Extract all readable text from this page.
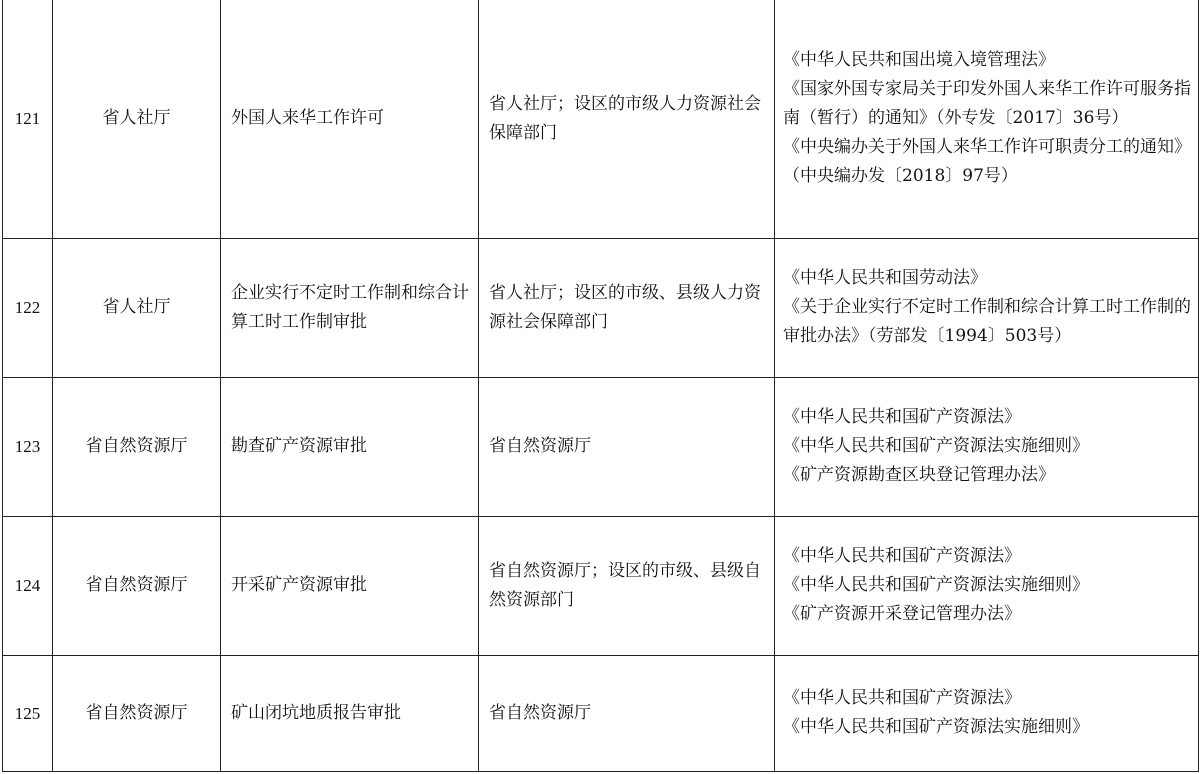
121	省人社厅	外国人来华工作许可	省人社厅；设区的市级人力资源社会保障部门	《中华人民共和国出境入境管理法》
《国家外国专家局关于印发外国人来华工作许可服务指南（暂行）的通知》（外专发〔2017〕36号）
《中央编办关于外国人来华工作许可职责分工的通知》（中央编办发〔2018〕97号）

122	省人社厅	企业实行不定时工作制和综合计算工时工作制审批	省人社厅；设区的市级、县级人力资源社会保障部门	《中华人民共和国劳动法》
《关于企业实行不定时工作制和综合计算工时工作制的审批办法》（劳部发〔1994〕503号）

123	省自然资源厅	勘查矿产资源审批	省自然资源厅	《中华人民共和国矿产资源法》
《中华人民共和国矿产资源法实施细则》
《矿产资源勘查区块登记管理办法》

124	省自然资源厅	开采矿产资源审批	省自然资源厅；设区的市级、县级自然资源部门	《中华人民共和国矿产资源法》
《中华人民共和国矿产资源法实施细则》
《矿产资源开采登记管理办法》

125	省自然资源厅	矿山闭坑地质报告审批	省自然资源厅	《中华人民共和国矿产资源法》
《中华人民共和国矿产资源法实施细则》
